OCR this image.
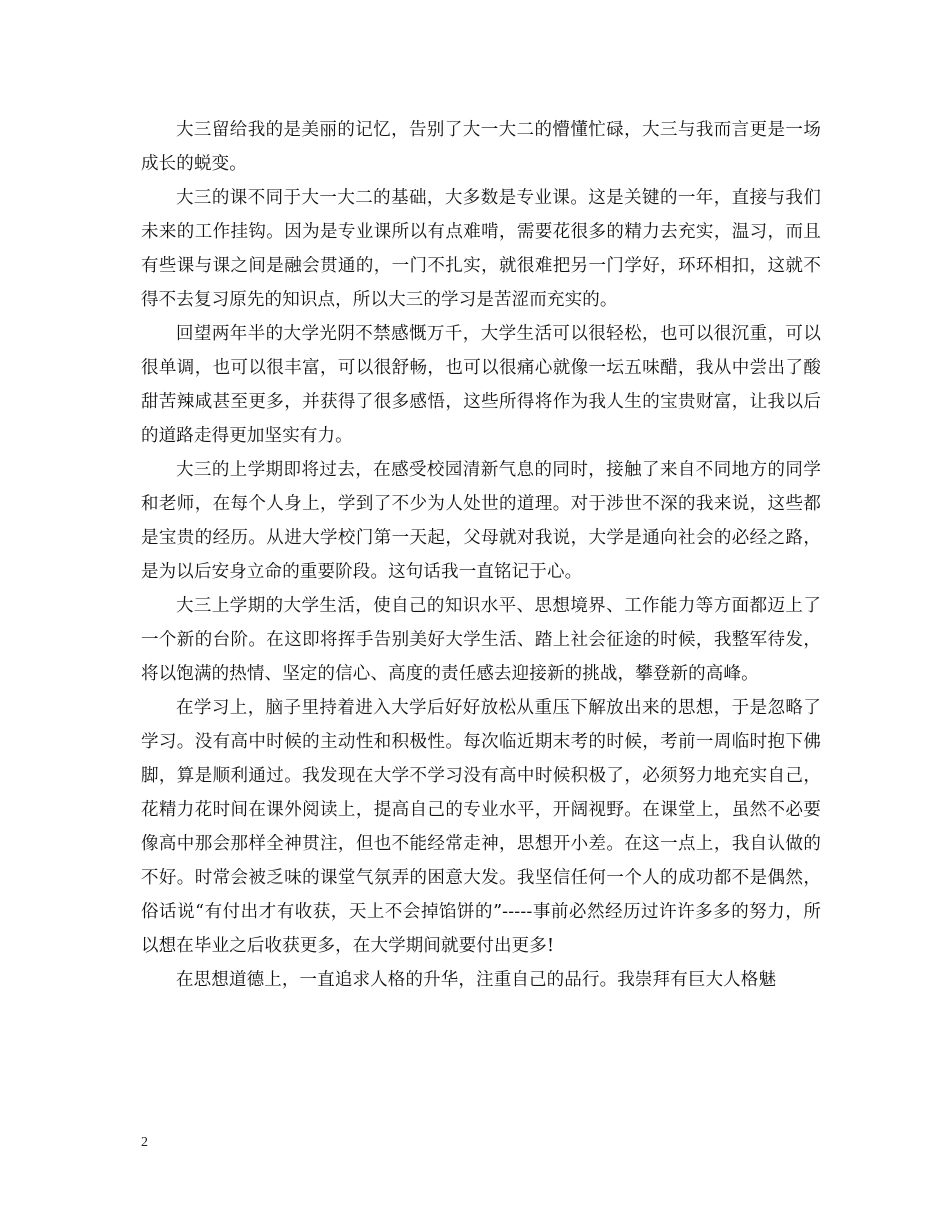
大三留给我的是美丽的记忆，告别了大一大二的懵懂忙碌，大三与我而言更是一场成长的蜕变。

大三的课不同于大一大二的基础，大多数是专业课。这是关键的一年，直接与我们未来的工作挂钩。因为是专业课所以有点难啃，需要花很多的精力去充实，温习，而且有些课与课之间是融会贯通的，一门不扎实，就很难把另一门学好，环环相扣，这就不得不去复习原先的知识点，所以大三的学习是苦涩而充实的。

回望两年半的大学光阴不禁感慨万千，大学生活可以很轻松，也可以很沉重，可以很单调，也可以很丰富，可以很舒畅，也可以很痛心就像一坛五味醋，我从中尝出了酸甜苦辣咸甚至更多，并获得了很多感悟，这些所得将作为我人生的宝贵财富，让我以后的道路走得更加坚实有力。

大三的上学期即将过去，在感受校园清新气息的同时，接触了来自不同地方的同学和老师，在每个人身上，学到了不少为人处世的道理。对于涉世不深的我来说，这些都是宝贵的经历。从进大学校门第一天起，父母就对我说，大学是通向社会的必经之路，是为以后安身立命的重要阶段。这句话我一直铭记于心。

大三上学期的大学生活，使自己的知识水平、思想境界、工作能力等方面都迈上了一个新的台阶。在这即将挥手告别美好大学生活、踏上社会征途的时候，我整军待发，将以饱满的热情、坚定的信心、高度的责任感去迎接新的挑战，攀登新的高峰。

在学习上，脑子里持着进入大学后好好放松从重压下解放出来的思想，于是忽略了学习。没有高中时候的主动性和积极性。每次临近期末考的时候，考前一周临时抱下佛脚，算是顺利通过。我发现在大学不学习没有高中时候积极了，必须努力地充实自己，花精力花时间在课外阅读上，提高自己的专业水平，开阔视野。在课堂上，虽然不必要像高中那会那样全神贯注，但也不能经常走神，思想开小差。在这一点上，我自认做的不好。时常会被乏味的课堂气氛弄的困意大发。我坚信任何一个人的成功都不是偶然，俗话说“有付出才有收获，天上不会掉馅饼的”-----事前必然经历过许许多多的努力，所以想在毕业之后收获更多，在大学期间就要付出更多!

在思想道德上，一直追求人格的升华，注重自己的品行。我崇拜有巨大人格魅

2
